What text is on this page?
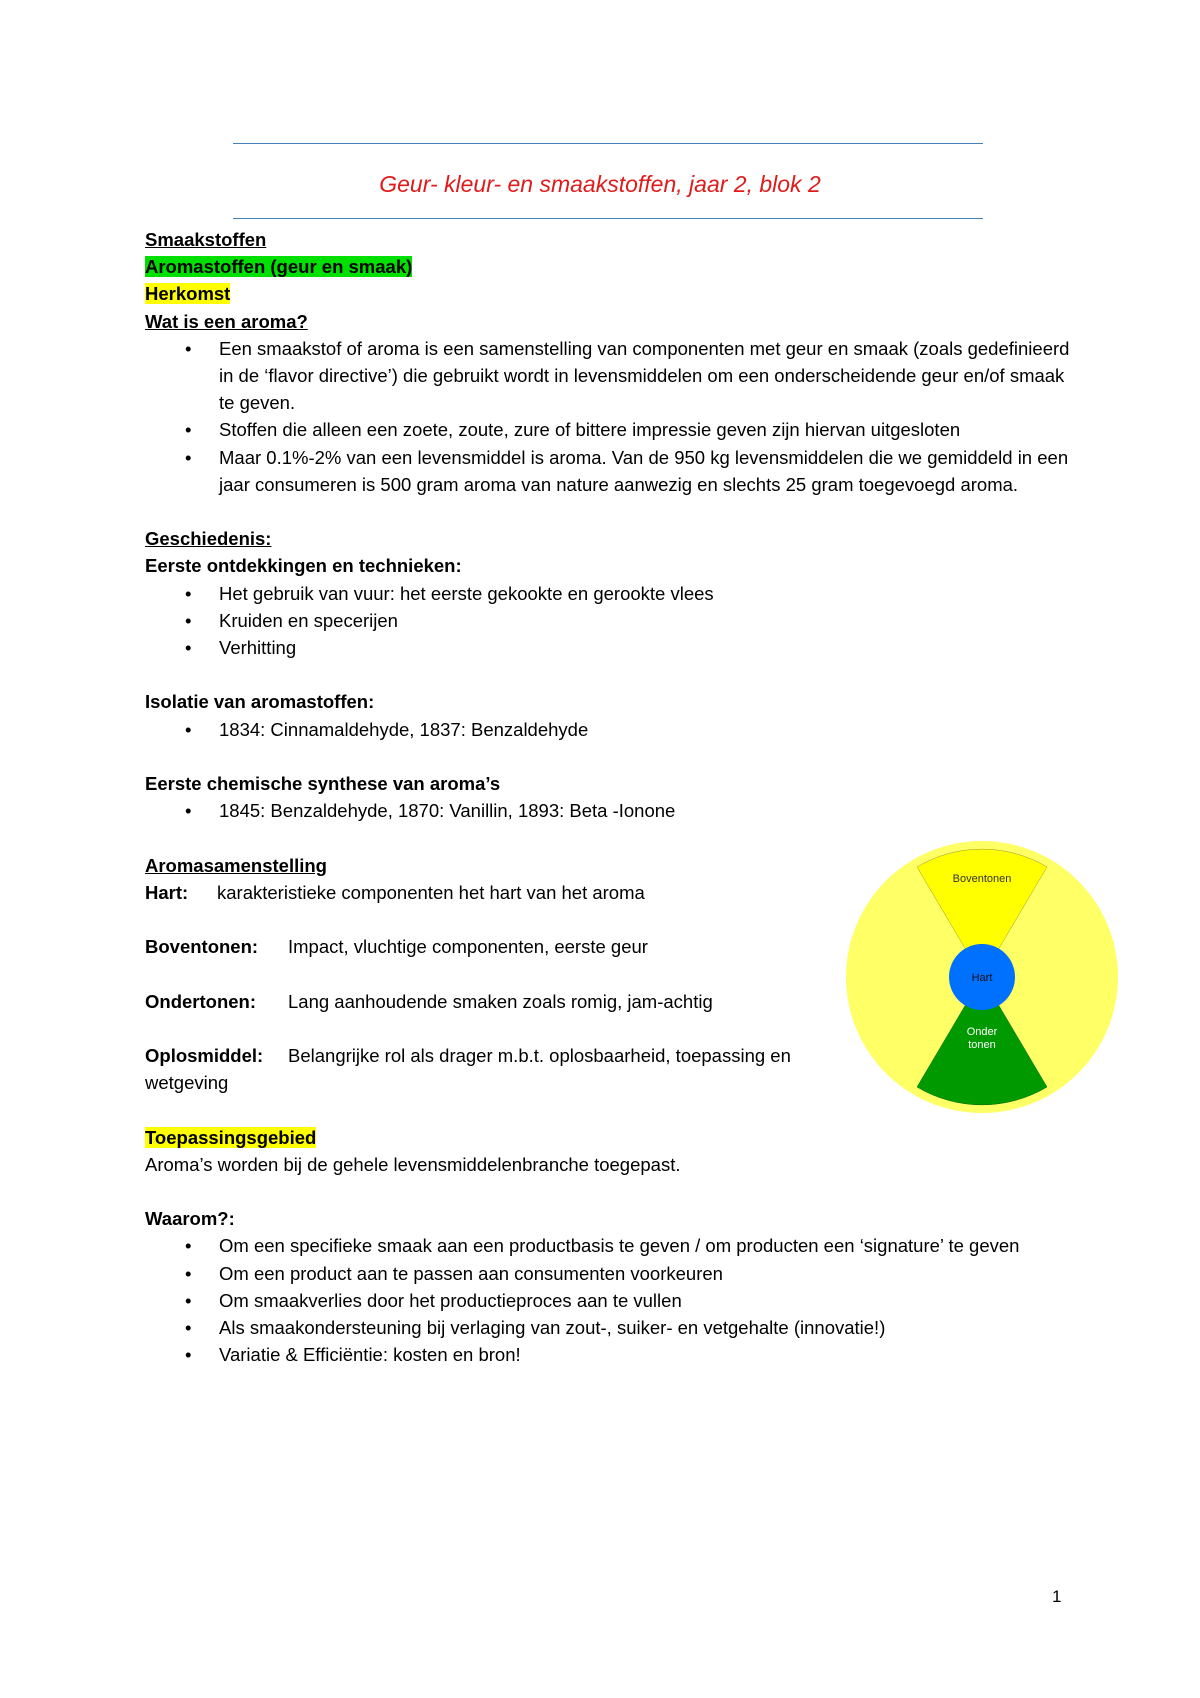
Geur- kleur- en smaakstoffen, jaar 2, blok 2

Smaakstoffen

Aromastoffen (geur en smaak)

Herkomst

Wat is een aroma?

• Een smaakstof of aroma is een samenstelling van componenten met geur en smaak (zoals gedefinieerd in de ‘flavor directive’) die gebruikt wordt in levensmiddelen om een onderscheidende geur en/of smaak te geven.
• Stoffen die alleen een zoete, zoute, zure of bittere impressie geven zijn hiervan uitgesloten
• Maar 0.1%-2% van een levensmiddel is aroma. Van de 950 kg levensmiddelen die we gemiddeld in een jaar consumeren is 500 gram aroma van nature aanwezig en slechts 25 gram toegevoegd aroma.

Geschiedenis:

Eerste ontdekkingen en technieken:

• Het gebruik van vuur: het eerste gekookte en gerookte vlees
• Kruiden en specerijen
• Verhitting

Isolatie van aromastoffen:

• 1834: Cinnamaldehyde, 1837: Benzaldehyde

Eerste chemische synthese van aroma’s

• 1845: Benzaldehyde, 1870: Vanillin, 1893: Beta -Ionone

Aromasamenstelling

Hart: karakteristieke componenten het hart van het aroma

Boventonen: Impact, vluchtige componenten, eerste geur

Ondertonen: Lang aanhoudende smaken zoals romig, jam-achtig

Oplosmiddel: Belangrijke rol als drager m.b.t. oplosbaarheid, toepassing en wetgeving

Toepassingsgebied

Aroma’s worden bij de gehele levensmiddelenbranche toegepast.

Waarom?:

• Om een specifieke smaak aan een productbasis te geven / om producten een ‘signature’ te geven
• Om een product aan te passen aan consumenten voorkeuren
• Om smaakverlies door het productieproces aan te vullen
• Als smaakondersteuning bij verlaging van zout-, suiker- en vetgehalte (innovatie!)
• Variatie & Efficiëntie: kosten en bron!
Boventonen
Hart
Onder
tonen
1
